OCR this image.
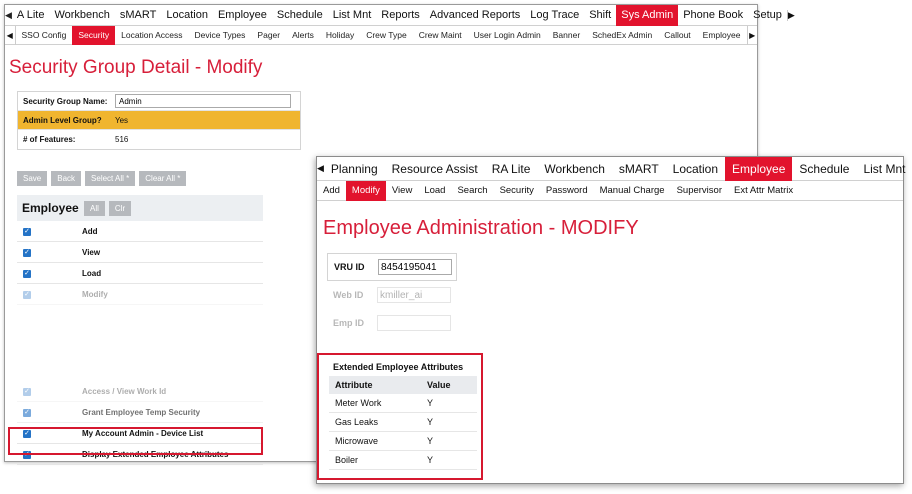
◀ A Lite Workbench sMART Location Employee Schedule List Mnt Reports Advanced Reports Log Trace Shift Sys Admin Phone Book Setup ▶
◀	SSO Config	Security	Location Access	Device Types	Pager	Alerts	Holiday	Crew Type	Crew Maint	User Login Admin	Banner	SchedEx Admin	Callout	Employee	▶
Security Group Detail - Modify
Security Group Name:
Admin
Admin Level Group?	Yes
# of Features:	516
Save	Back	Select All *	Clear All *
Employee	All	Clr
✓	Add
✓	View
✓	Load
✓	Modify
✓	Access / View Work Id
✓	Grant Employee Temp Security
✓	My Account Admin - Device List
✓	Display Extended Employee Attributes
◀ Planning	Resource Assist	RA Lite	Workbench	sMART	Location	Employee	Schedule	List Mnt
Add	Modify	View	Load	Search	Security	Password	Manual Charge	Supervisor	Ext Attr Matrix
Employee Administration - MODIFY
VRU ID
8454195041
Web ID
kmiller_ai
Emp ID
Extended Employee Attributes
Attribute	Value
Meter Work	Y
Gas Leaks	Y
Microwave	Y
Boiler	Y
